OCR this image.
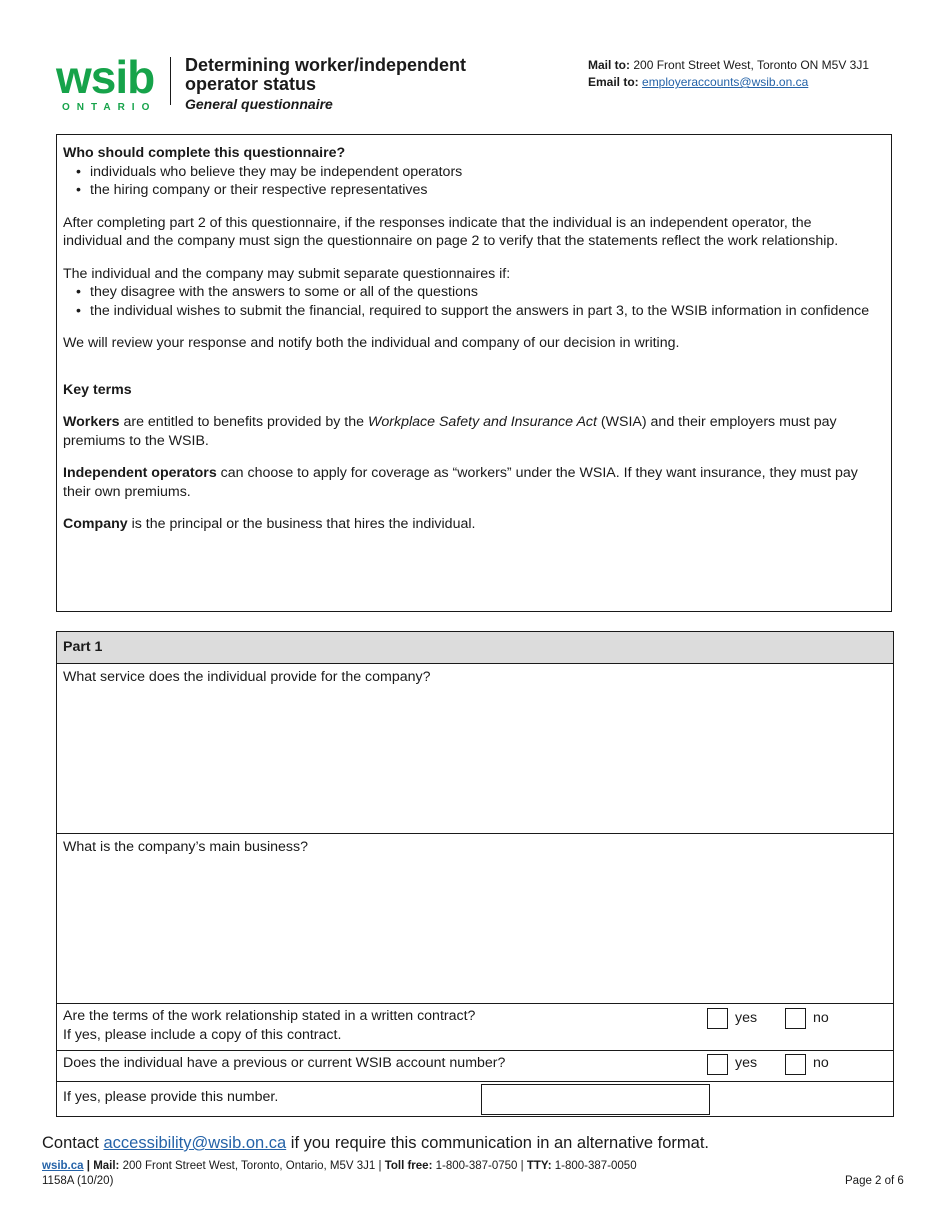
wsib
ONTARIO
Determining worker/independent operator status
General questionnaire
Mail to: 200 Front Street West, Toronto ON M5V 3J1
Email to: employeraccounts@wsib.on.ca

Who should complete this questionnaire?

• individuals who believe they may be independent operators
• the hiring company or their respective representatives

After completing part 2 of this questionnaire, if the responses indicate that the individual is an independent operator, the individual and the company must sign the questionnaire on page 2 to verify that the statements reflect the work relationship.

The individual and the company may submit separate questionnaires if:

• they disagree with the answers to some or all of the questions
• the individual wishes to submit the financial, required to support the answers in part 3, to the WSIB information in confidence

We will review your response and notify both the individual and company of our decision in writing.

Key terms

Workers are entitled to benefits provided by the Workplace Safety and Insurance Act (WSIA) and their employers must pay premiums to the WSIB.

Independent operators can choose to apply for coverage as “workers” under the WSIA. If they want insurance, they must pay their own premiums.

Company is the principal or the business that hires the individual.

Part 1
What service does the individual provide for the company?
What is the company’s main business?
Are the terms of the work relationship stated in a written contract?
If yes, please include a copy of this contract.
yes	no
Does the individual have a previous or current WSIB account number?	yes	no
If yes, please provide this number.
Contact accessibility@wsib.on.ca if you require this communication in an alternative format.
wsib.ca | Mail: 200 Front Street West, Toronto, Ontario, M5V 3J1 | Toll free: 1-800-387-0750 | TTY: 1-800-387-0050
1158A (10/20)	Page 2 of 6
